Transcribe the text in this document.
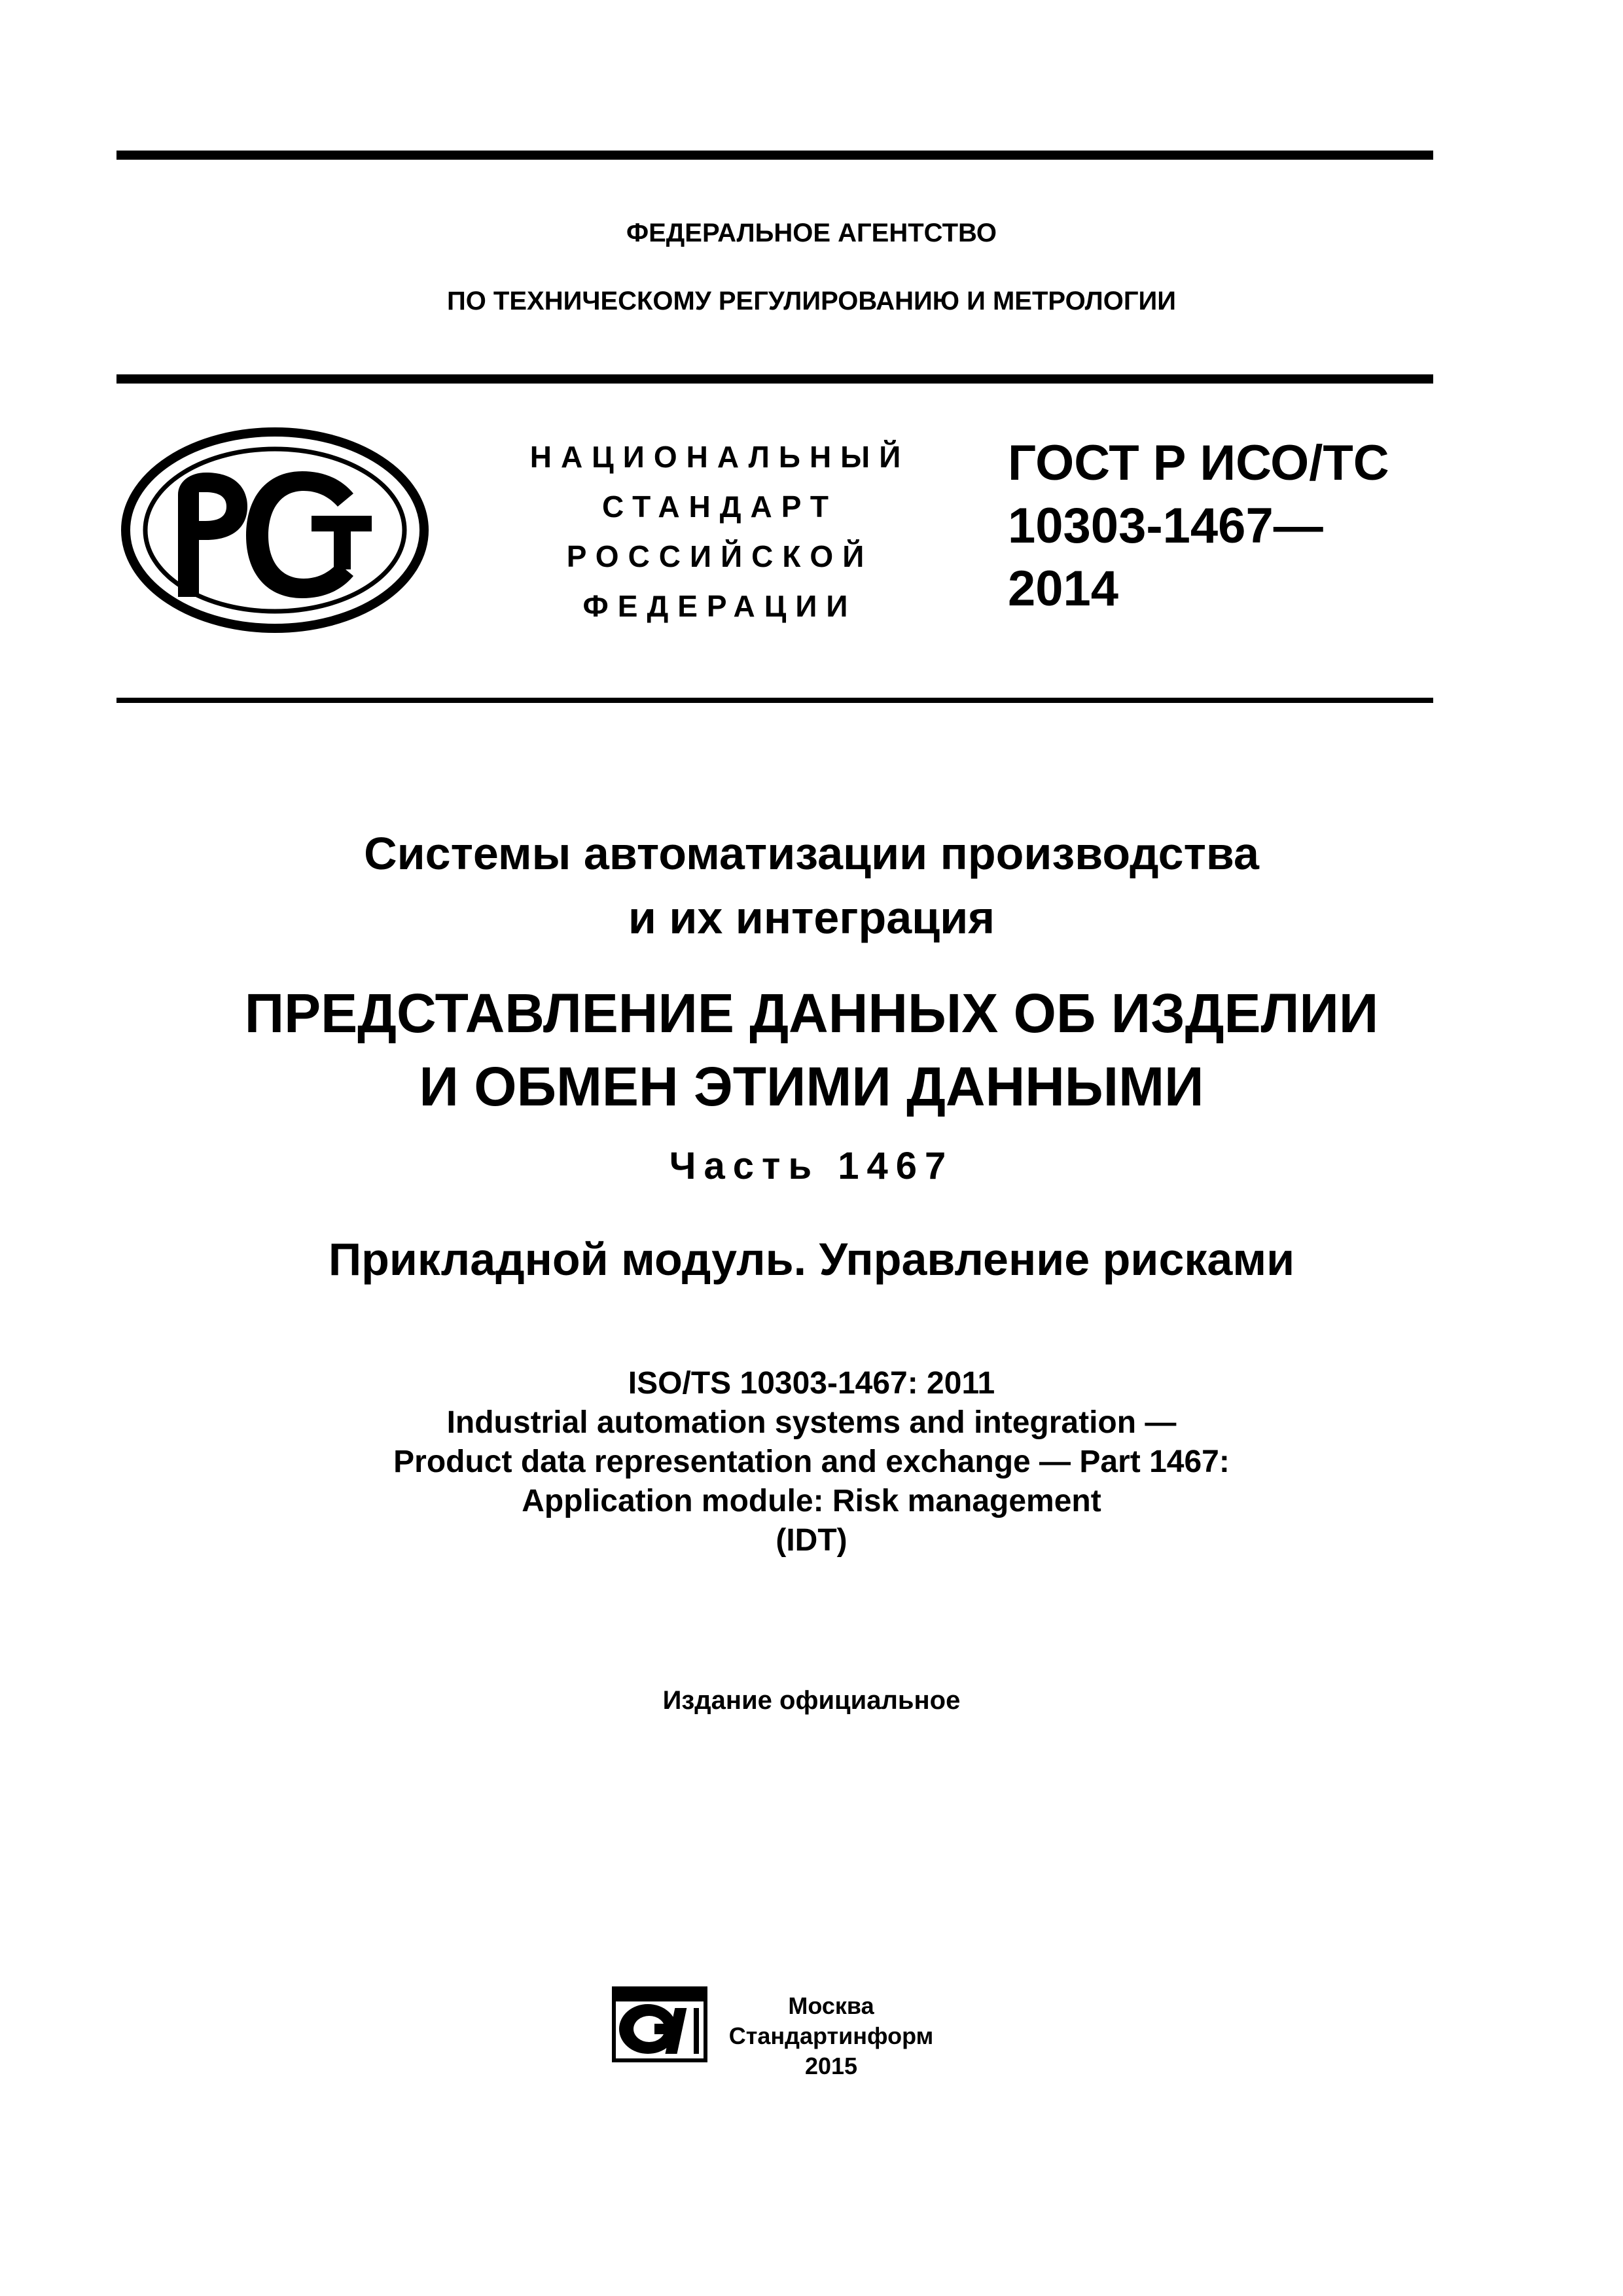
ФЕДЕРАЛЬНОЕ АГЕНТСТВО
ПО ТЕХНИЧЕСКОМУ РЕГУЛИРОВАНИЮ И МЕТРОЛОГИИ
НАЦИОНАЛЬНЫЙ
СТАНДАРТ
РОССИЙСКОЙ
ФЕДЕРАЦИИ
ГОСТ Р ИСО/ТС
10303-1467—
2014
Системы автоматизации производства
и их интеграция
ПРЕДСТАВЛЕНИЕ ДАННЫХ ОБ ИЗДЕЛИИ
И ОБМЕН ЭТИМИ ДАННЫМИ
Часть 1467
Прикладной модуль. Управление рисками
ISO/TS 10303-1467: 2011
Industrial automation systems and integration —
Product data representation and exchange — Part 1467:
Application module: Risk management
(IDT)
Издание официальное
Москва
Стандартинформ
2015
